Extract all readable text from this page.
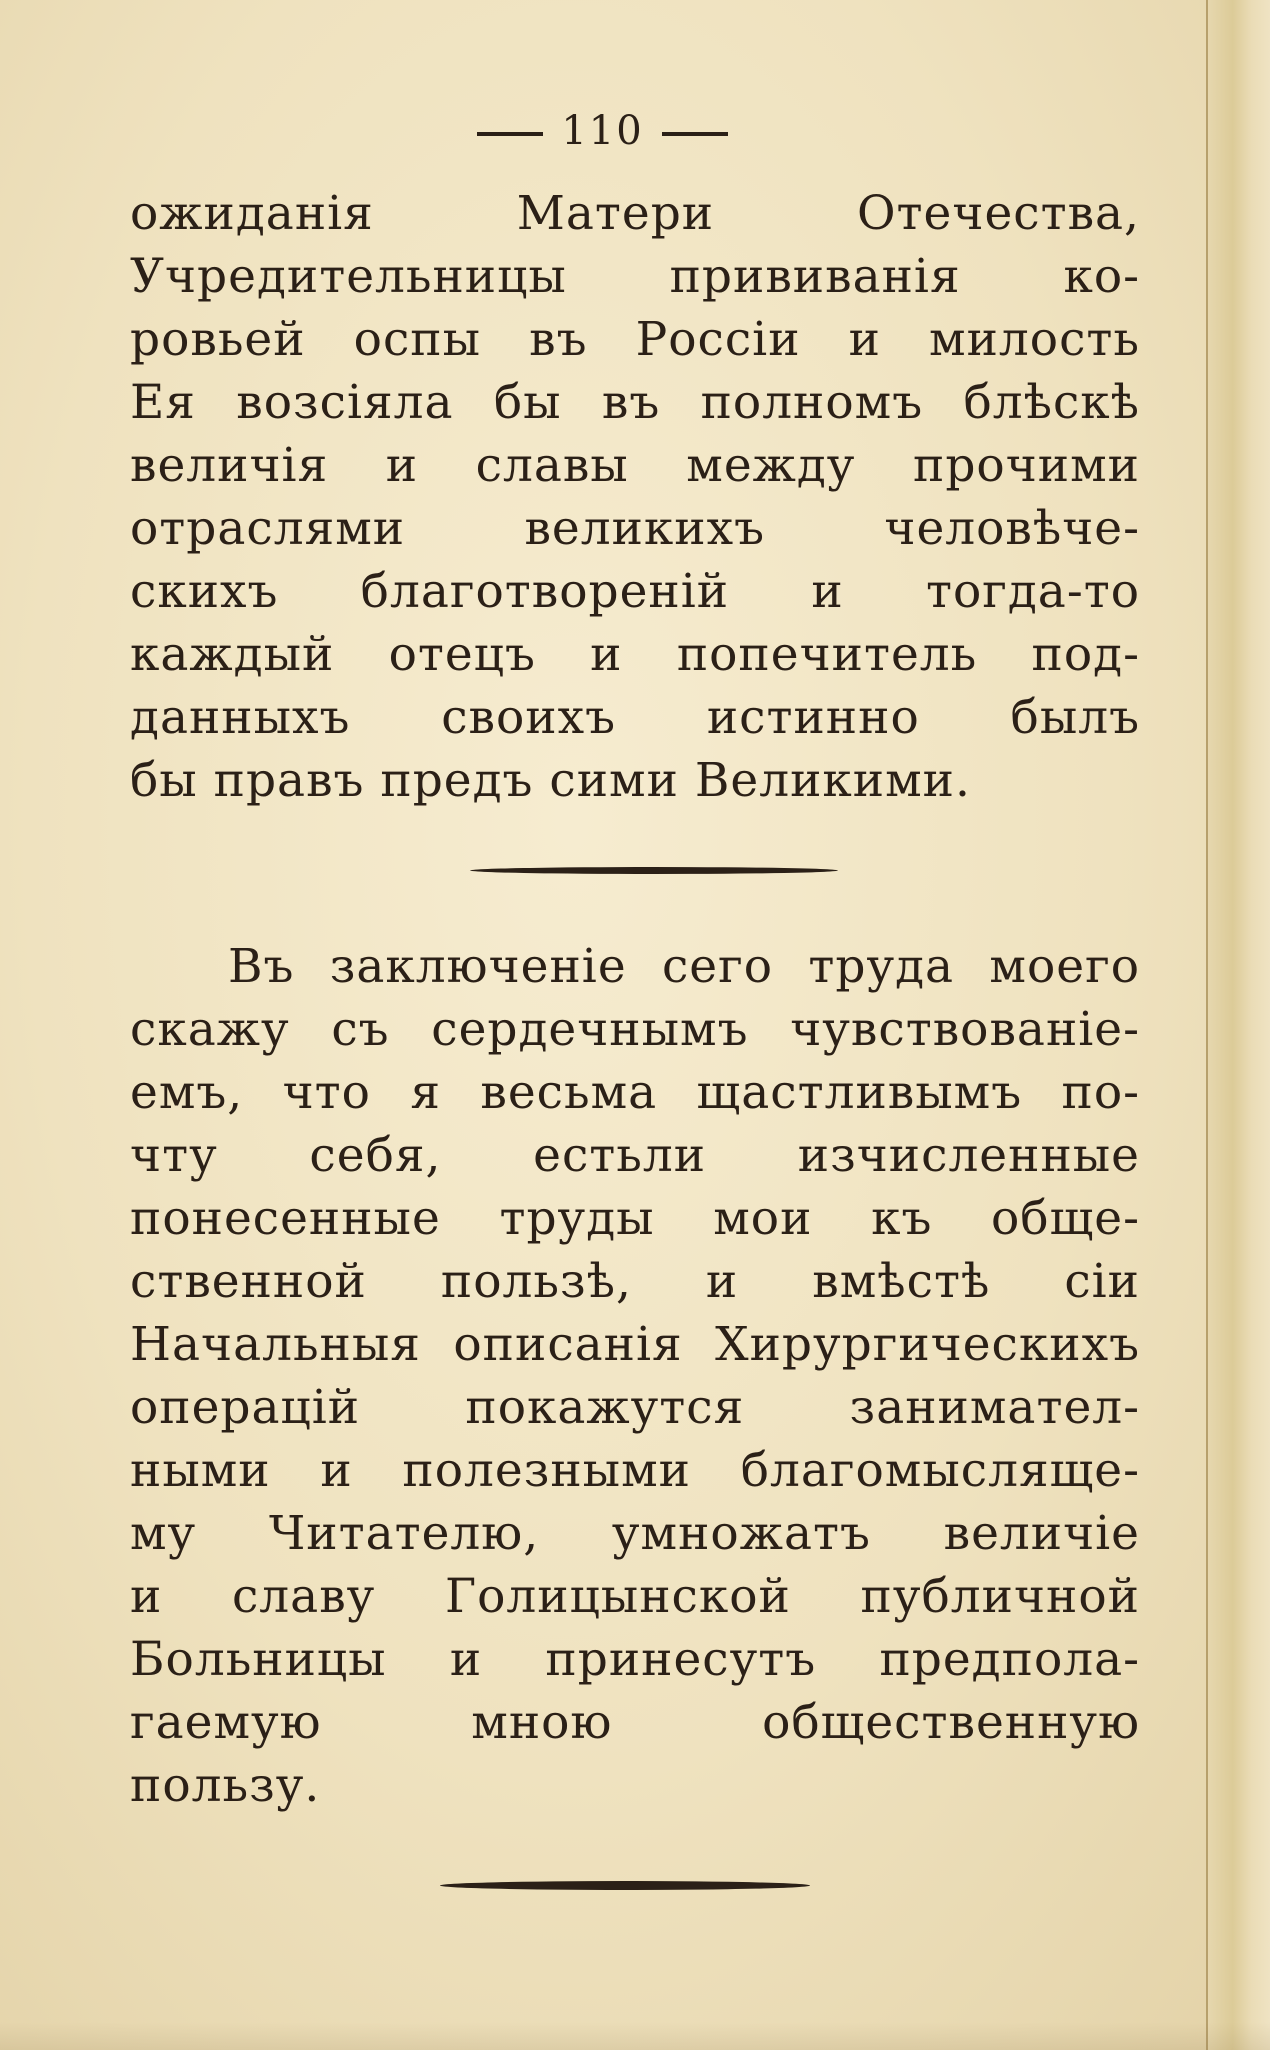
110
ожиданія Матери Отечества,
Учредительницы прививанія ко-
ровьей оспы въ Россіи и милость
Ея возсіяла бы въ полномъ блѣскѣ
величія и славы между прочими
отраслями великихъ человѣче-
скихъ благотвореній и тогда-то
каждый отецъ и попечитель под-
данныхъ своихъ истинно былъ
бы правъ предъ сими Великими.
Въ заключеніе сего труда моего
скажу съ сердечнымъ чувствованіе-
емъ, что я весьма щастливымъ по-
чту себя, естьли изчисленные
понесенные труды мои къ обще-
ственной пользѣ, и вмѣстѣ сіи
Начальныя описанія Хирургическихъ
операцій покажутся занимател-
ными и полезными благомыслящe-
му Читателю, умножатъ величіе
и славу Голицынской публичной
Больницы и принесутъ предпола-
гаемую мною общественную
пользу.
